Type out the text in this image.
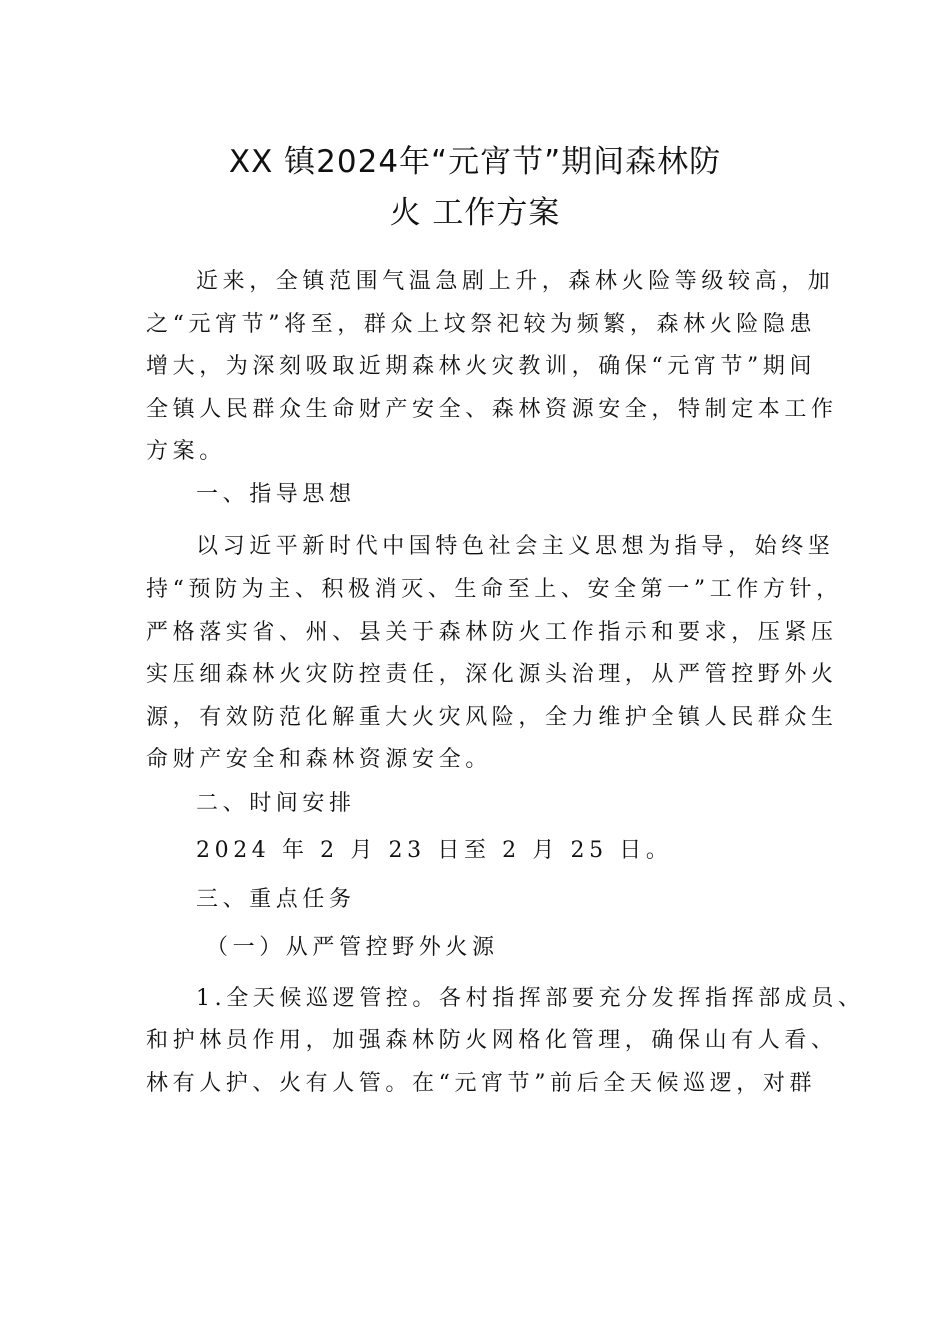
XX 镇2024年“元宵节”期间森林防
火 工作方案
近来，全镇范围气温急剧上升，森林火险等级较高，加
之“元宵节”将至，群众上坟祭祀较为频繁，森林火险隐患
增大，为深刻吸取近期森林火灾教训，确保“元宵节”期间
全镇人民群众生命财产安全、森林资源安全，特制定本工作
方案。
一、指导思想
以习近平新时代中国特色社会主义思想为指导，始终坚
持“预防为主、积极消灭、生命至上、安全第一”工作方针，
严格落实省、州、县关于森林防火工作指示和要求，压紧压
实压细森林火灾防控责任，深化源头治理，从严管控野外火
源，有效防范化解重大火灾风险，全力维护全镇人民群众生
命财产安全和森林资源安全。
二、时间安排
2024 年 2 月 23 日至 2 月 25 日。
三、重点任务
（一）从严管控野外火源
1.全天候巡逻管控。各村指挥部要充分发挥指挥部成员、
和护林员作用，加强森林防火网格化管理，确保山有人看、
林有人护、火有人管。在“元宵节”前后全天候巡逻，对群
